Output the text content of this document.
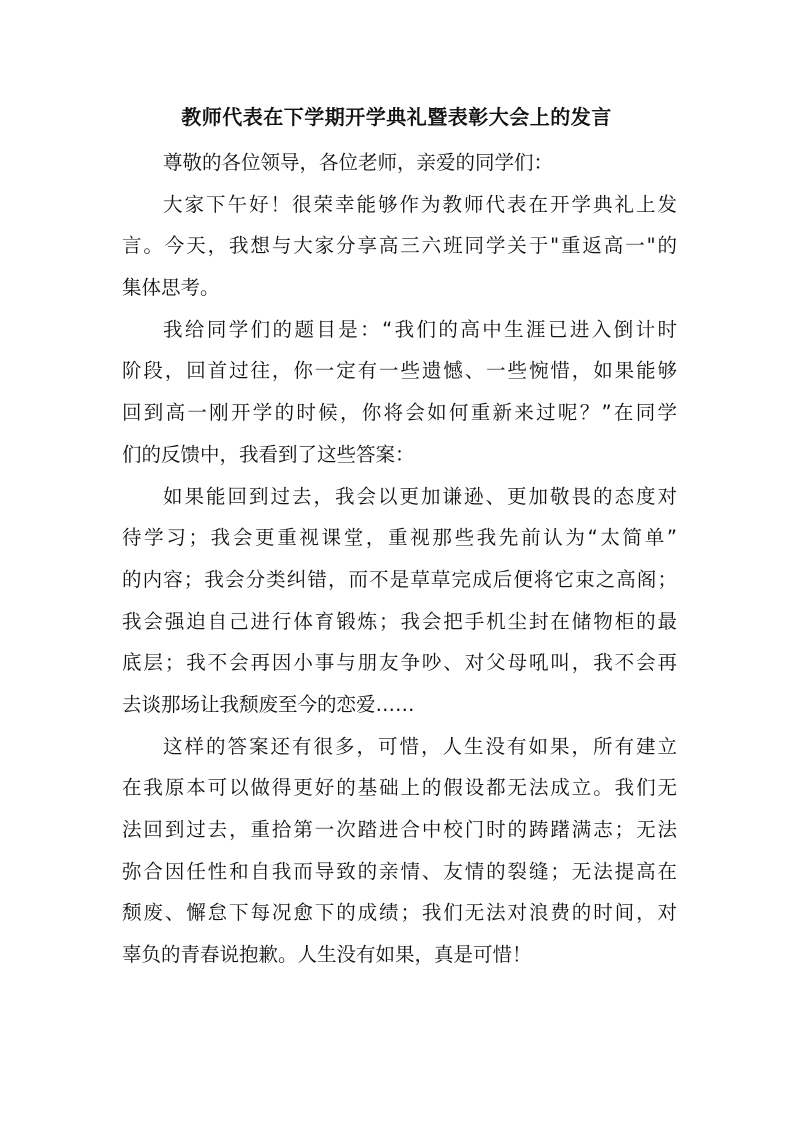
教师代表在下学期开学典礼暨表彰大会上的发言
尊敬的各位领导，各位老师，亲爱的同学们：
大家下午好！很荣幸能够作为教师代表在开学典礼上发
言。今天，我想与大家分享高三六班同学关于"重返高一"的
集体思考。
我给同学们的题目是：“我们的高中生涯已进入倒计时
阶段，回首过往，你一定有一些遗憾、一些惋惜，如果能够
回到高一刚开学的时候，你将会如何重新来过呢？”在同学
们的反馈中，我看到了这些答案：
如果能回到过去，我会以更加谦逊、更加敬畏的态度对
待学习；我会更重视课堂，重视那些我先前认为“太简单”
的内容；我会分类纠错，而不是草草完成后便将它束之高阁；
我会强迫自己进行体育锻炼；我会把手机尘封在储物柜的最
底层；我不会再因小事与朋友争吵、对父母吼叫，我不会再
去谈那场让我颓废至今的恋爱……
这样的答案还有很多，可惜，人生没有如果，所有建立
在我原本可以做得更好的基础上的假设都无法成立。我们无
法回到过去，重拾第一次踏进合中校门时的踌躇满志；无法
弥合因任性和自我而导致的亲情、友情的裂缝；无法提高在
颓废、懈怠下每况愈下的成绩；我们无法对浪费的时间，对
辜负的青春说抱歉。人生没有如果，真是可惜！
